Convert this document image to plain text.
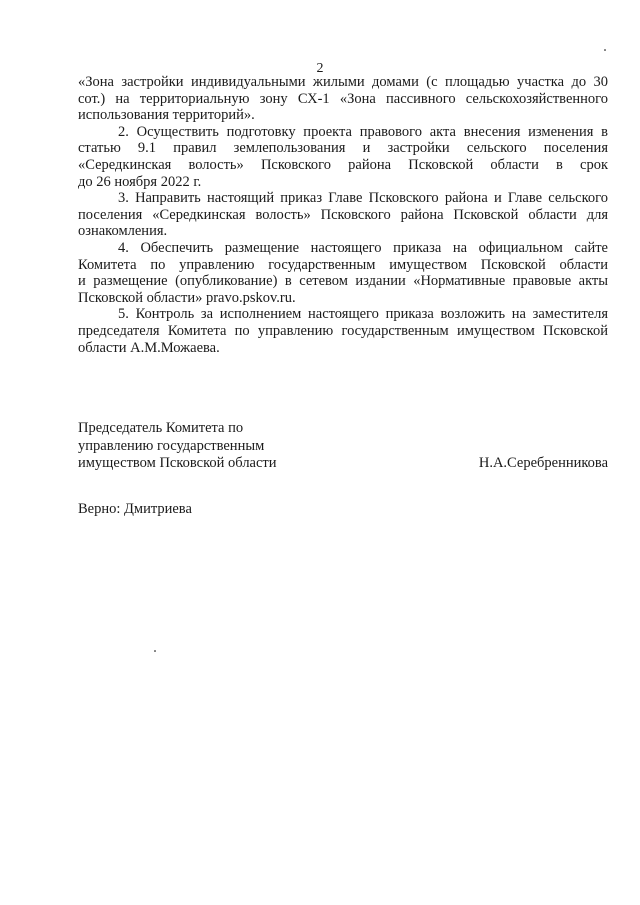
2

«Зона застройки индивидуальными жилыми домами (с площадью участка до 30
сот.) на территориальную зону СХ-1 «Зона пассивного сельскохозяйственного
использования территорий».

2. Осуществить подготовку проекта правового акта внесения изменения в
статью 9.1 правил землепользования и застройки сельского поселения
«Середкинская волость» Псковского района Псковской области в срок
до 26 ноября 2022 г.

3. Направить настоящий приказ Главе Псковского района и Главе сельского
поселения «Середкинская волость» Псковского района Псковской области для
ознакомления.

4. Обеспечить размещение настоящего приказа на официальном сайте
Комитета по управлению государственным имуществом Псковской области
и размещение (опубликование) в сетевом издании «Нормативные правовые акты
Псковской области» pravo.pskov.ru.

5. Контроль за исполнением настоящего приказа возложить на заместителя
председателя Комитета по управлению государственным имуществом Псковской
области А.М.Можаева.

Председатель Комитета по
управлению государственным
имуществом Псковской области	Н.А.Серебренникова
Верно: Дмитриева
